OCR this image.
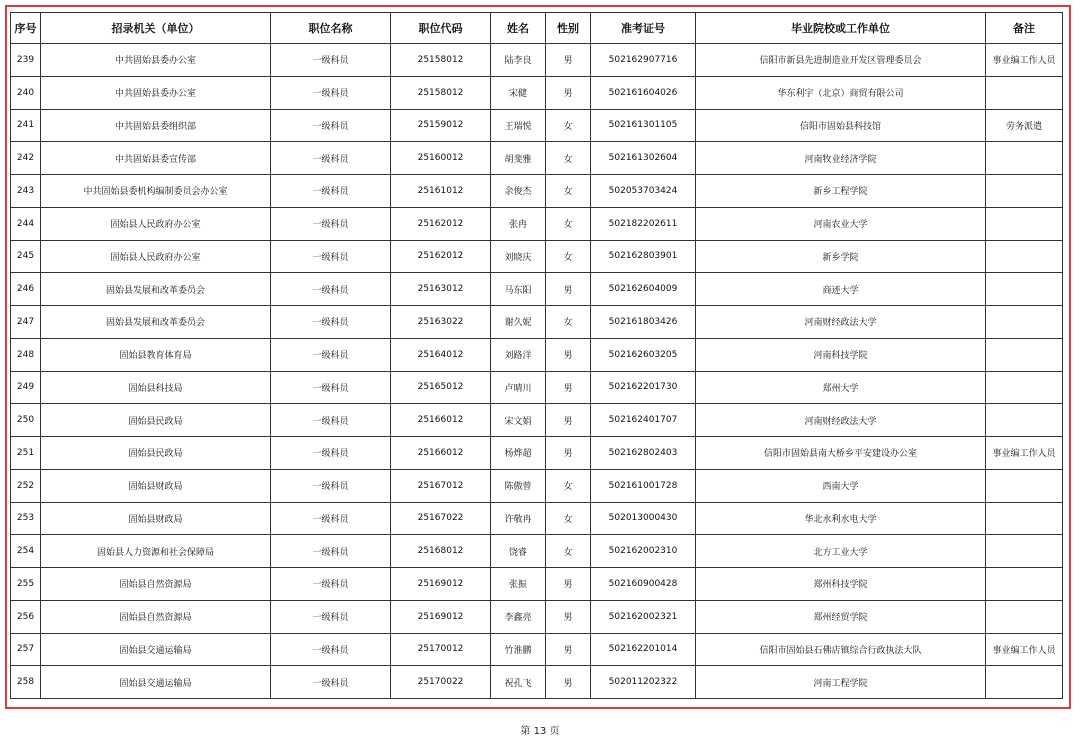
序号	招录机关（单位）	职位名称	职位代码	姓名	性别	准考证号	毕业院校或工作单位	备注
239	中共固始县委办公室	一级科员	25158012	陆李良	男	502162907716	信阳市新县先进制造业开发区管理委员会	事业编工作人员
240	中共固始县委办公室	一级科员	25158012	宋健	男	502161604026	华东利宇（北京）商贸有限公司	
241	中共固始县委组织部	一级科员	25159012	王瑞悦	女	502161301105	信阳市固始县科技馆	劳务派遣
242	中共固始县委宣传部	一级科员	25160012	胡斐雅	女	502161302604	河南牧业经济学院	
243	中共固始县委机构编制委员会办公室	一级科员	25161012	余俊杰	女	502053703424	新乡工程学院	
244	固始县人民政府办公室	一级科员	25162012	张冉	女	502182202611	河南农业大学	
245	固始县人民政府办公室	一级科员	25162012	刘晓庆	女	502162803901	新乡学院	
246	固始县发展和改革委员会	一级科员	25163012	马东阳	男	502162604009	商迹大学	
247	固始县发展和改革委员会	一级科员	25163022	谢久妮	女	502161803426	河南财经政法大学	
248	固始县教育体育局	一级科员	25164012	刘路洋	男	502162603205	河南科技学院	
249	固始县科技局	一级科员	25165012	卢晴川	男	502162201730	郑州大学	
250	固始县民政局	一级科员	25166012	宋文娟	男	502162401707	河南财经政法大学	
251	固始县民政局	一级科员	25166012	杨烨超	男	502162802403	信阳市固始县南大桥乡平安建设办公室	事业编工作人员
252	固始县财政局	一级科员	25167012	陈傲曾	女	502161001728	西南大学	
253	固始县财政局	一级科员	25167022	许敬冉	女	502013000430	华北水利水电大学	
254	固始县人力资源和社会保障局	一级科员	25168012	饶睿	女	502162002310	北方工业大学	
255	固始县自然资源局	一级科员	25169012	张振	男	502160900428	郑州科技学院	
256	固始县自然资源局	一级科员	25169012	李鑫亮	男	502162002321	郑州经贸学院	
257	固始县交通运输局	一级科员	25170012	竹淮鹏	男	502162201014	信阳市固始县石佛店镇综合行政执法大队	事业编工作人员
258	固始县交通运输局	一级科员	25170022	祝孔飞	男	502011202322	河南工程学院	
第 13 页
